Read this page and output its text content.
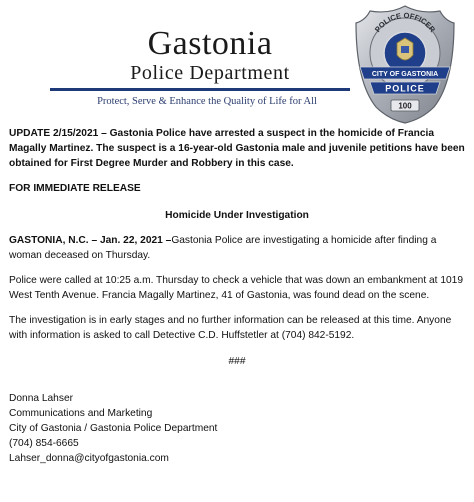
Gastonia
Police Department
Protect, Serve & Enhance the Quality of Life for All
POLICE OFFICER
CITY OF GASTONIA
POLICE
100

UPDATE 2/15/2021 – Gastonia Police have arrested a suspect in the homicide of Francia Magally Martinez. The suspect is a 16-year-old Gastonia male and juvenile petitions have been obtained for First Degree Murder and Robbery in this case.

FOR IMMEDIATE RELEASE

Homicide Under Investigation

GASTONIA, N.C. – Jan. 22, 2021 –Gastonia Police are investigating a homicide after finding a woman deceased on Thursday.

Police were called at 10:25 a.m. Thursday to check a vehicle that was down an embankment at 1019 West Tenth Avenue. Francia Magally Martinez, 41 of Gastonia, was found dead on the scene.

The investigation is in early stages and no further information can be released at this time. Anyone with information is asked to call Detective C.D. Huffstetler at (704) 842-5192.

###

Donna Lahser
Communications and Marketing
City of Gastonia / Gastonia Police Department
(704) 854-6665
Lahser_donna@cityofgastonia.com
